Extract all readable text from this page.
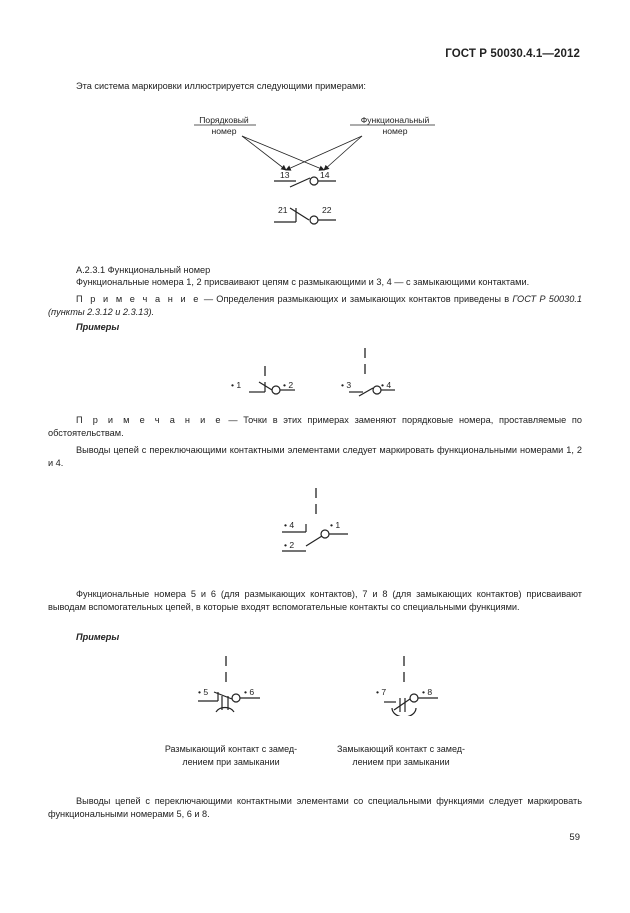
ГОСТ Р 50030.4.1—2012
Эта система маркировки иллюстрируется следующими примерами:
Порядковый
номер
Функциональный
номер
13	14
21	22
А.2.3.1 Функциональный номер
Функциональные номера 1, 2 присваивают цепям с размыкающими и 3, 4 — с замыкающими контактами.
П р и м е ч а н и е — Определения размыкающих и замыкающих контактов приведены в ГОСТ Р 50030.1 (пункты 2.3.12 и 2.3.13).
Примеры
• 1	• 2	• 3	• 4
П р и м е ч а н и е — Точки в этих примерах заменяют порядковые номера, проставляемые по обстоятельствам.
Выводы цепей с переключающими контактными элементами следует маркировать функциональными номерами 1, 2 и 4.
• 4	• 1
• 2
Функциональные номера 5 и 6 (для размыкающих контактов), 7 и 8 (для замыкающих контактов) присваивают выводам вспомогательных цепей, в которые входят вспомогательные контакты со специальными функциями.
Примеры
• 5	• 6	• 7	• 8
Размыкающий контакт с замед-
лением при замыкании
Замыкающий контакт с замед-
лением при замыкании
Выводы цепей с переключающими контактными элементами со специальными функциями следует маркировать функциональными номерами 5, 6 и 8.
59
